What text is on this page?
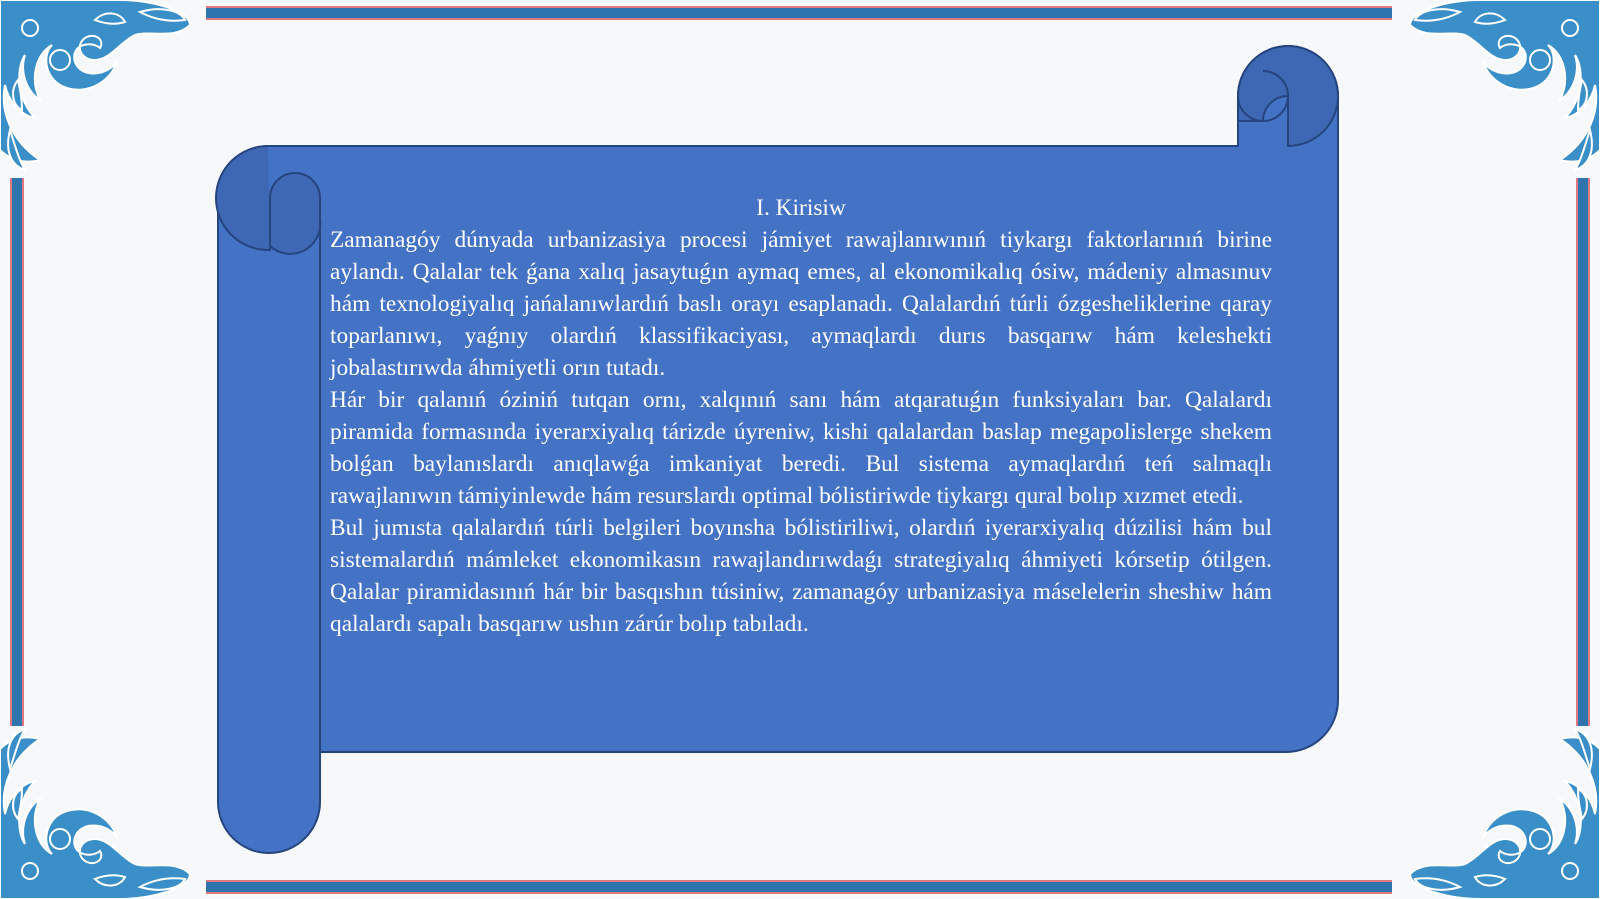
I. Kirisiw

Zamanagóy dúnyada urbanizasiya procesi jámiyet rawajlanıwınıń tiykargı faktorlarınıń birine aylandı. Qalalar tek ǵana xalıq jasaytuǵın aymaq emes, al ekonomikalıq ósiw, mádeniy almasınuv hám texnologiyalıq jańalanıwlardıń baslı orayı esaplanadı. Qalalardıń túrli ózgesheliklerine qaray toparlanıwı, yaǵnıy olardıń klassifikaciyası, aymaqlardı durıs basqarıw hám keleshekti jobalastırıwda áhmiyetli orın tutadı.

Hár bir qalanıń óziniń tutqan ornı, xalqınıń sanı hám atqaratuǵın funksiyaları bar. Qalalardı piramida formasında iyerarxiyalıq tárizde úyreniw, kishi qalalardan baslap megapolislerge shekem bolǵan baylanıslardı anıqlawǵa imkaniyat beredi. Bul sistema aymaqlardıń teń salmaqlı rawajlanıwın támiyinlewde hám resurslardı optimal bólistiriwde tiykargı qural bolıp xızmet etedi.

Bul jumısta qalalardıń túrli belgileri boyınsha bólistiriliwi, olardıń iyerarxiyalıq dúzilisi hám bul sistemalardıń mámleket ekonomikasın rawajlandırıwdaǵı strategiyalıq áhmiyeti kórsetip ótilgen. Qalalar piramidasınıń hár bir basqıshın túsiniw, zamanagóy urbanizasiya máselelerin sheshiw hám qalalardı sapalı basqarıw ushın zárúr bolıp tabıladı.
